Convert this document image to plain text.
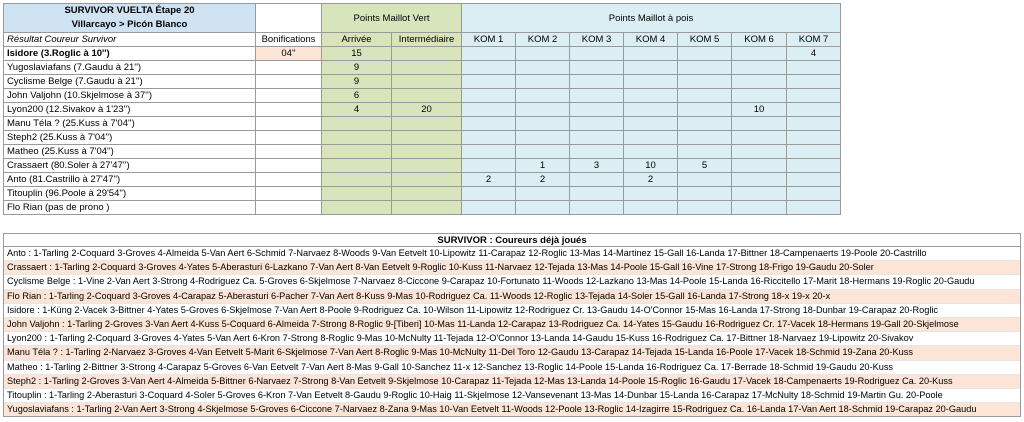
SURVIVOR VUELTA Étape 20
Villarcayo > Picón Blanco		Points Maillot Vert		Points Maillot à pois						
Résultat Coureur Survivor	Bonifications	Arrivée	Intermédiaire	KOM 1	KOM 2	KOM 3	KOM 4	KOM 5	KOM 6	KOM 7
Isidore (3.Roglic à 10'')	04''	15								4
Yugoslaviafans (7.Gaudu à 21'')		9								
Cyclisme Belge (7.Gaudu à 21'')		9								
John Valjohn (10.Skjelmose à 37'')		6								
Lyon200 (12.Sivakov à 1'23'')		4	20						10	
Manu Téla ? (25.Kuss à 7'04'')										
Steph2 (25.Kuss à 7'04'')										
Matheo (25.Kuss à 7'04'')										
Crassaert (80.Soler à 27'47'')					1	3	10	5		
Anto (81.Castrillo à 27'47'')				2	2		2			
Titouplin (96.Poole à 29'54'')										
Flo Rian (pas de prono )										
SURVIVOR : Coureurs déjà joués
Anto : 1-Tarling 2-Coquard 3-Groves 4-Almeida 5-Van Aert 6-Schmid 7-Narvaez 8-Woods 9-Van Eetvelt 10-Lipowitz 11-Carapaz 12-Roglic 13-Mas 14-Martinez 15-Gall 16-Landa 17-Bittner 18-Campenaerts 19-Poole 20-Castrillo
Crassaert : 1-Tarling 2-Coquard 3-Groves 4-Yates 5-Aberasturi 6-Lazkano 7-Van Aert 8-Van Eetvelt 9-Roglic 10-Kuss 11-Narvaez 12-Tejada 13-Mas 14-Poole 15-Gall 16-Vine 17-Strong 18-Frigo 19-Gaudu 20-Soler
Cyclisme Belge : 1-Vine 2-Van Aert 3-Strong 4-Rodriguez Ca. 5-Groves 6-Skjelmose 7-Narvaez 8-Ciccone 9-Carapaz 10-Fortunato 11-Woods 12-Lazkano 13-Mas 14-Poole 15-Landa 16-Riccitello 17-Marit 18-Hermans 19-Roglic 20-Gaudu
Flo Rian : 1-Tarling 2-Coquard 3-Groves 4-Carapaz 5-Aberasturi 6-Pacher 7-Van Aert 8-Kuss 9-Mas 10-Rodriguez Ca. 11-Woods 12-Roglic 13-Tejada 14-Soler 15-Gall 16-Landa 17-Strong 18-x 19-x 20-x
Isidore : 1-Küng 2-Vacek 3-Bittner 4-Yates 5-Groves 6-Skjelmose 7-Van Aert 8-Poole 9-Rodriguez Ca. 10-Wilson 11-Lipowitz 12-Rodriguez Cr. 13-Gaudu 14-O'Connor 15-Mas 16-Landa 17-Strong 18-Dunbar 19-Carapaz 20-Roglic
John Valjohn : 1-Tarling 2-Groves 3-Van Aert 4-Kuss 5-Coquard 6-Almeida 7-Strong 8-Roglic 9-[Tiberi] 10-Mas 11-Landa 12-Carapaz 13-Rodriguez Ca. 14-Yates 15-Gaudu 16-Rodriguez Cr. 17-Vacek 18-Hermans 19-Gall 20-Skjelmose
Lyon200 : 1-Tarling 2-Coquard 3-Groves 4-Yates 5-Van Aert 6-Kron 7-Strong 8-Roglic 9-Mas 10-McNulty 11-Tejada 12-O'Connor 13-Landa 14-Gaudu 15-Kuss 16-Rodriguez Ca. 17-Bittner 18-Narvaez 19-Lipowitz 20-Sivakov
Manu Téla ? : 1-Tarling 2-Narvaez 3-Groves 4-Van Eetvelt 5-Marit 6-Skjelmose 7-Van Aert 8-Roglic 9-Mas 10-McNulty 11-Del Toro 12-Gaudu 13-Carapaz 14-Tejada 15-Landa 16-Poole 17-Vacek 18-Schmid 19-Zana 20-Kuss
Matheo : 1-Tarling 2-Bittner 3-Strong 4-Carapaz 5-Groves 6-Van Eetvelt 7-Van Aert 8-Mas 9-Gall 10-Sanchez 11-x 12-Sanchez 13-Roglic 14-Poole 15-Landa 16-Rodriguez Ca. 17-Berrade 18-Schmid 19-Gaudu 20-Kuss
Steph2 : 1-Tarling 2-Groves 3-Van Aert 4-Almeida 5-Bittner 6-Narvaez 7-Strong 8-Van Eetvelt 9-Skjelmose 10-Carapaz 11-Tejada 12-Mas 13-Landa 14-Poole 15-Roglic 16-Gaudu 17-Vacek 18-Campenaerts 19-Rodriguez Ca. 20-Kuss
Titouplin : 1-Tarling 2-Aberasturi 3-Coquard 4-Soler 5-Groves 6-Kron 7-Van Eetvelt 8-Gaudu 9-Roglic 10-Haig 11-Skjelmose 12-Vansevenant 13-Mas 14-Dunbar 15-Landa 16-Carapaz 17-McNulty 18-Schmid 19-Martin Gu. 20-Poole
Yugoslaviafans : 1-Tarling 2-Van Aert 3-Strong 4-Skjelmose 5-Groves 6-Ciccone 7-Narvaez 8-Zana 9-Mas 10-Van Eetvelt 11-Woods 12-Poole 13-Roglic 14-Izagirre 15-Rodriguez Ca. 16-Landa 17-Van Aert 18-Schmid 19-Carapaz 20-Gaudu
